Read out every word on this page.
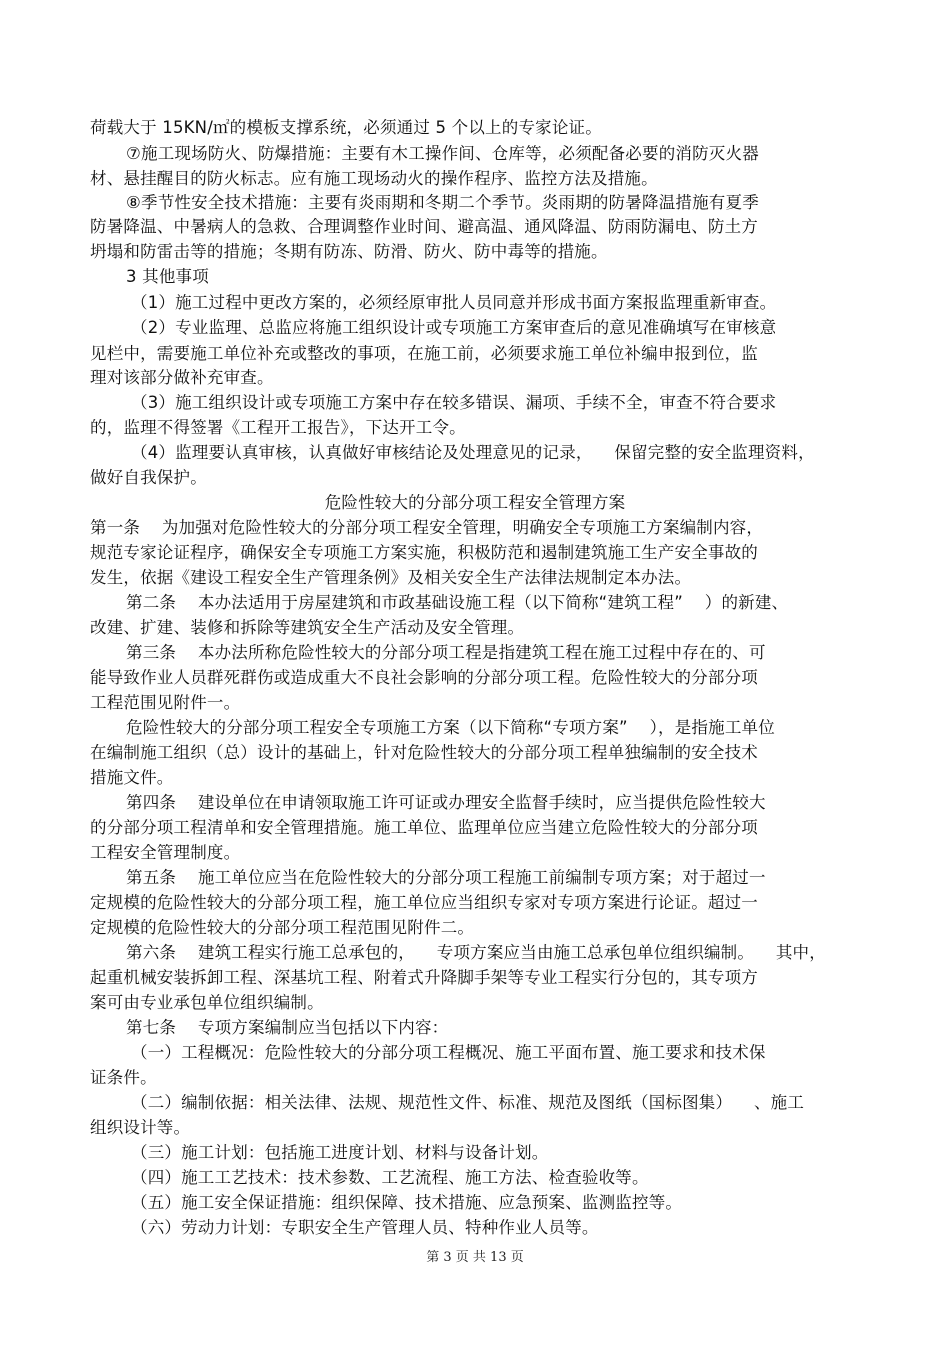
荷载大于 15KN/㎡的模板支撑系统，必须通过 5 个以上的专家论证。
⑦施工现场防火、防爆措施：主要有木工操作间、仓库等，必须配备必要的消防灭火器
材、悬挂醒目的防火标志。应有施工现场动火的操作程序、监控方法及措施。
⑧季节性安全技术措施：主要有炎雨期和冬期二个季节。炎雨期的防暑降温措施有夏季
防暑降温、中暑病人的急救、合理调整作业时间、避高温、通风降温、防雨防漏电、防土方
坍塌和防雷击等的措施；冬期有防冻、防滑、防火、防中毒等的措施。
3 其他事项
（1）施工过程中更改方案的，必须经原审批人员同意并形成书面方案报监理重新审查。
（2）专业监理、总监应将施工组织设计或专项施工方案审查后的意见准确填写在审核意
见栏中，需要施工单位补充或整改的事项，在施工前，必须要求施工单位补编申报到位，监
理对该部分做补充审查。
（3）施工组织设计或专项施工方案中存在较多错误、漏项、手续不全，审查不符合要求
的，监理不得签署《工程开工报告》，下达开工令。
（4）监理要认真审核，认真做好审核结论及处理意见的记录，    保留完整的安全监理资料，
做好自我保护。
危险性较大的分部分项工程安全管理方案
第一条    为加强对危险性较大的分部分项工程安全管理，明确安全专项施工方案编制内容，
规范专家论证程序，确保安全专项施工方案实施，积极防范和遏制建筑施工生产安全事故的
发生，依据《建设工程安全生产管理条例》及相关安全生产法律法规制定本办法。
第二条    本办法适用于房屋建筑和市政基础设施工程（以下简称“建筑工程”    ）的新建、
改建、扩建、装修和拆除等建筑安全生产活动及安全管理。
第三条    本办法所称危险性较大的分部分项工程是指建筑工程在施工过程中存在的、可
能导致作业人员群死群伤或造成重大不良社会影响的分部分项工程。危险性较大的分部分项
工程范围见附件一。
危险性较大的分部分项工程安全专项施工方案（以下简称“专项方案”    ），是指施工单位
在编制施工组织（总）设计的基础上，针对危险性较大的分部分项工程单独编制的安全技术
措施文件。
第四条    建设单位在申请领取施工许可证或办理安全监督手续时，应当提供危险性较大
的分部分项工程清单和安全管理措施。施工单位、监理单位应当建立危险性较大的分部分项
工程安全管理制度。
第五条    施工单位应当在危险性较大的分部分项工程施工前编制专项方案；对于超过一
定规模的危险性较大的分部分项工程，施工单位应当组织专家对专项方案进行论证。超过一
定规模的危险性较大的分部分项工程范围见附件二。
第六条    建筑工程实行施工总承包的，    专项方案应当由施工总承包单位组织编制。    其中，
起重机械安装拆卸工程、深基坑工程、附着式升降脚手架等专业工程实行分包的，其专项方
案可由专业承包单位组织编制。
第七条    专项方案编制应当包括以下内容：
（一）工程概况：危险性较大的分部分项工程概况、施工平面布置、施工要求和技术保
证条件。
（二）编制依据：相关法律、法规、规范性文件、标准、规范及图纸（国标图集）    、施工
组织设计等。
（三）施工计划：包括施工进度计划、材料与设备计划。
（四）施工工艺技术：技术参数、工艺流程、施工方法、检查验收等。
（五）施工安全保证措施：组织保障、技术措施、应急预案、监测监控等。
（六）劳动力计划：专职安全生产管理人员、特种作业人员等。
第 3 页 共 13 页
